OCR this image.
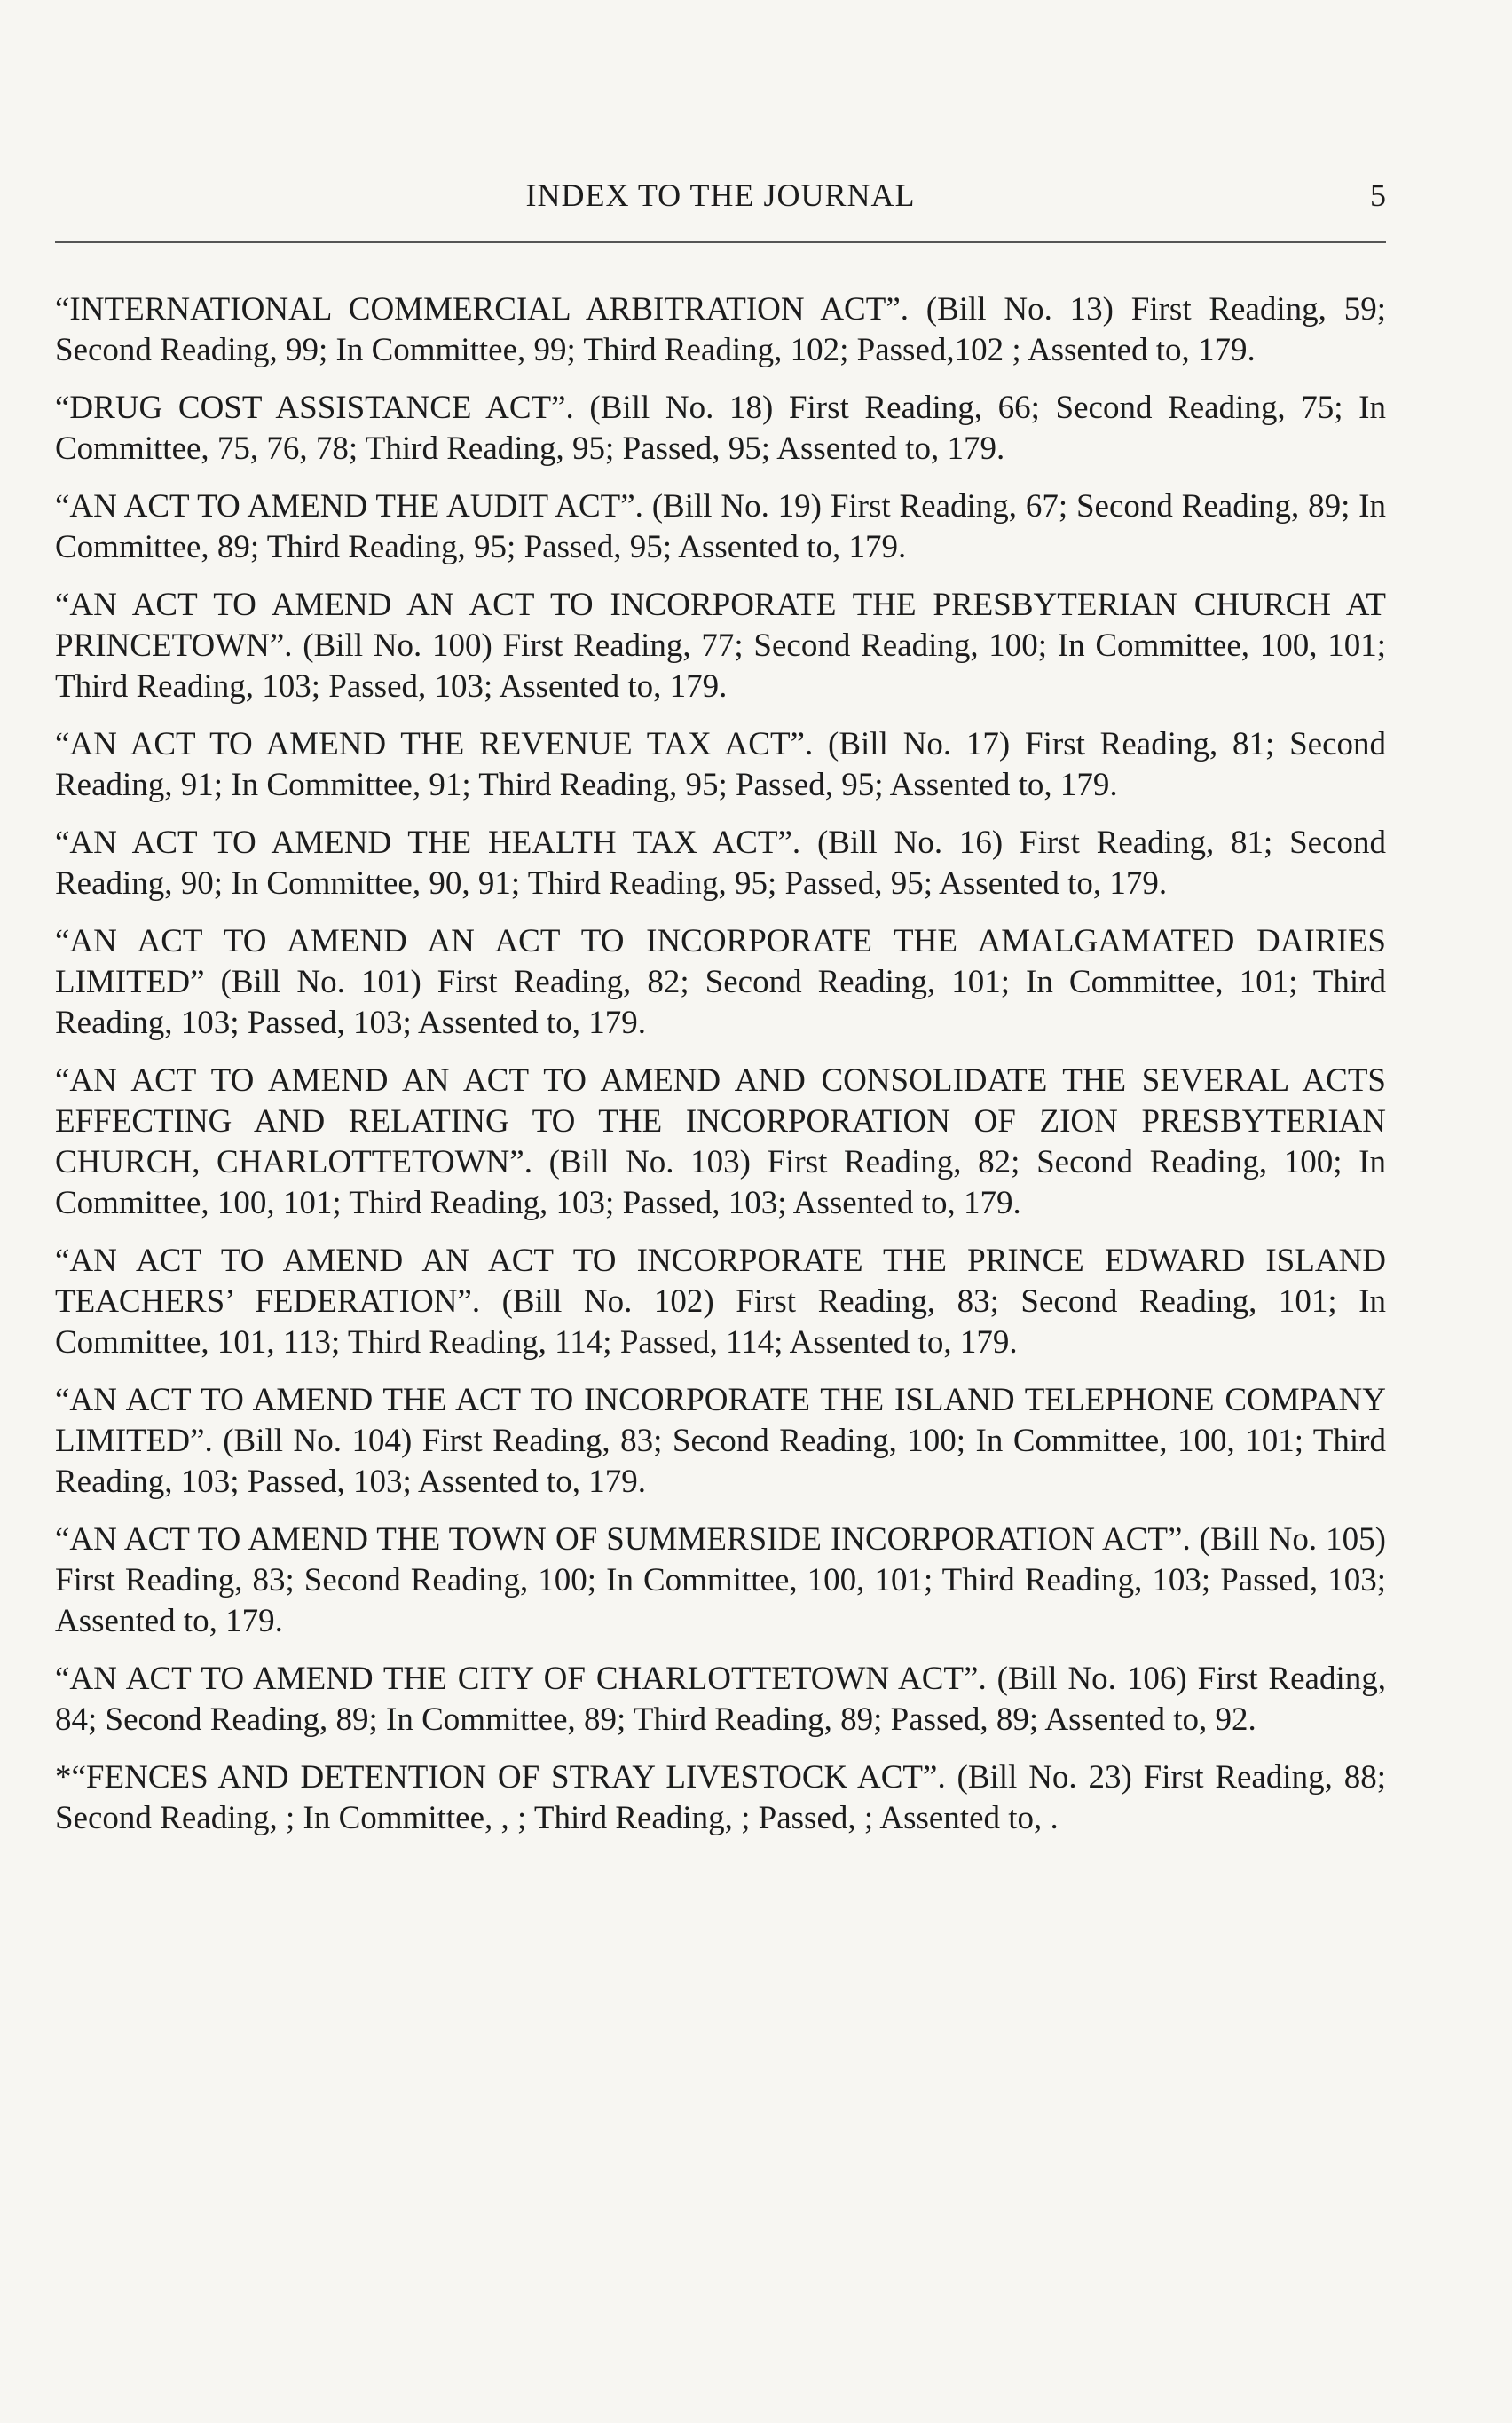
INDEX TO THE JOURNAL	5

“INTERNATIONAL COMMERCIAL ARBITRATION ACT”. (Bill No. 13) First Reading, 59; Second Reading, 99; In Committee, 99; Third Reading, 102; Passed,102 ; Assented to, 179.

“DRUG COST ASSISTANCE ACT”. (Bill No. 18) First Reading, 66; Second Reading, 75; In Committee, 75, 76, 78; Third Reading, 95; Passed, 95; Assented to, 179.

“AN ACT TO AMEND THE AUDIT ACT”. (Bill No. 19) First Reading, 67; Second Reading, 89; In Committee, 89; Third Reading, 95; Passed, 95; Assented to, 179.

“AN ACT TO AMEND AN ACT TO INCORPORATE THE PRESBYTERIAN CHURCH AT PRINCETOWN”. (Bill No. 100) First Reading, 77; Second Reading, 100; In Committee, 100, 101; Third Reading, 103; Passed, 103; Assented to, 179.

“AN ACT TO AMEND THE REVENUE TAX ACT”. (Bill No. 17) First Reading, 81; Second Reading, 91; In Committee, 91; Third Reading, 95; Passed, 95; Assented to, 179.

“AN ACT TO AMEND THE HEALTH TAX ACT”. (Bill No. 16) First Reading, 81; Second Reading, 90; In Committee, 90, 91; Third Reading, 95; Passed, 95; Assented to, 179.

“AN ACT TO AMEND AN ACT TO INCORPORATE THE AMALGAMATED DAIRIES LIMITED” (Bill No. 101) First Reading, 82; Second Reading, 101; In Committee, 101; Third Reading, 103; Passed, 103; Assented to, 179.

“AN ACT TO AMEND AN ACT TO AMEND AND CONSOLIDATE THE SEVERAL ACTS EFFECTING AND RELATING TO THE INCORPORATION OF ZION PRESBYTERIAN CHURCH, CHARLOTTETOWN”. (Bill No. 103) First Reading, 82; Second Reading, 100; In Committee, 100, 101; Third Reading, 103; Passed, 103; Assented to, 179.

“AN ACT TO AMEND AN ACT TO INCORPORATE THE PRINCE EDWARD ISLAND TEACHERS’ FEDERATION”. (Bill No. 102) First Reading, 83; Second Reading, 101; In Committee, 101, 113; Third Reading, 114; Passed, 114; Assented to, 179.

“AN ACT TO AMEND THE ACT TO INCORPORATE THE ISLAND TELEPHONE COMPANY LIMITED”. (Bill No. 104) First Reading, 83; Second Reading, 100; In Committee, 100, 101; Third Reading, 103; Passed, 103; Assented to, 179.

“AN ACT TO AMEND THE TOWN OF SUMMERSIDE INCORPORATION ACT”. (Bill No. 105) First Reading, 83; Second Reading, 100; In Committee, 100, 101; Third Reading, 103; Passed, 103; Assented to, 179.

“AN ACT TO AMEND THE CITY OF CHARLOTTETOWN ACT”. (Bill No. 106) First Reading, 84; Second Reading, 89; In Committee, 89; Third Reading, 89; Passed, 89; Assented to, 92.

*“FENCES AND DETENTION OF STRAY LIVESTOCK ACT”. (Bill No. 23) First Reading, 88; Second Reading, ; In Committee, , ; Third Reading, ; Passed, ; Assented to, .
